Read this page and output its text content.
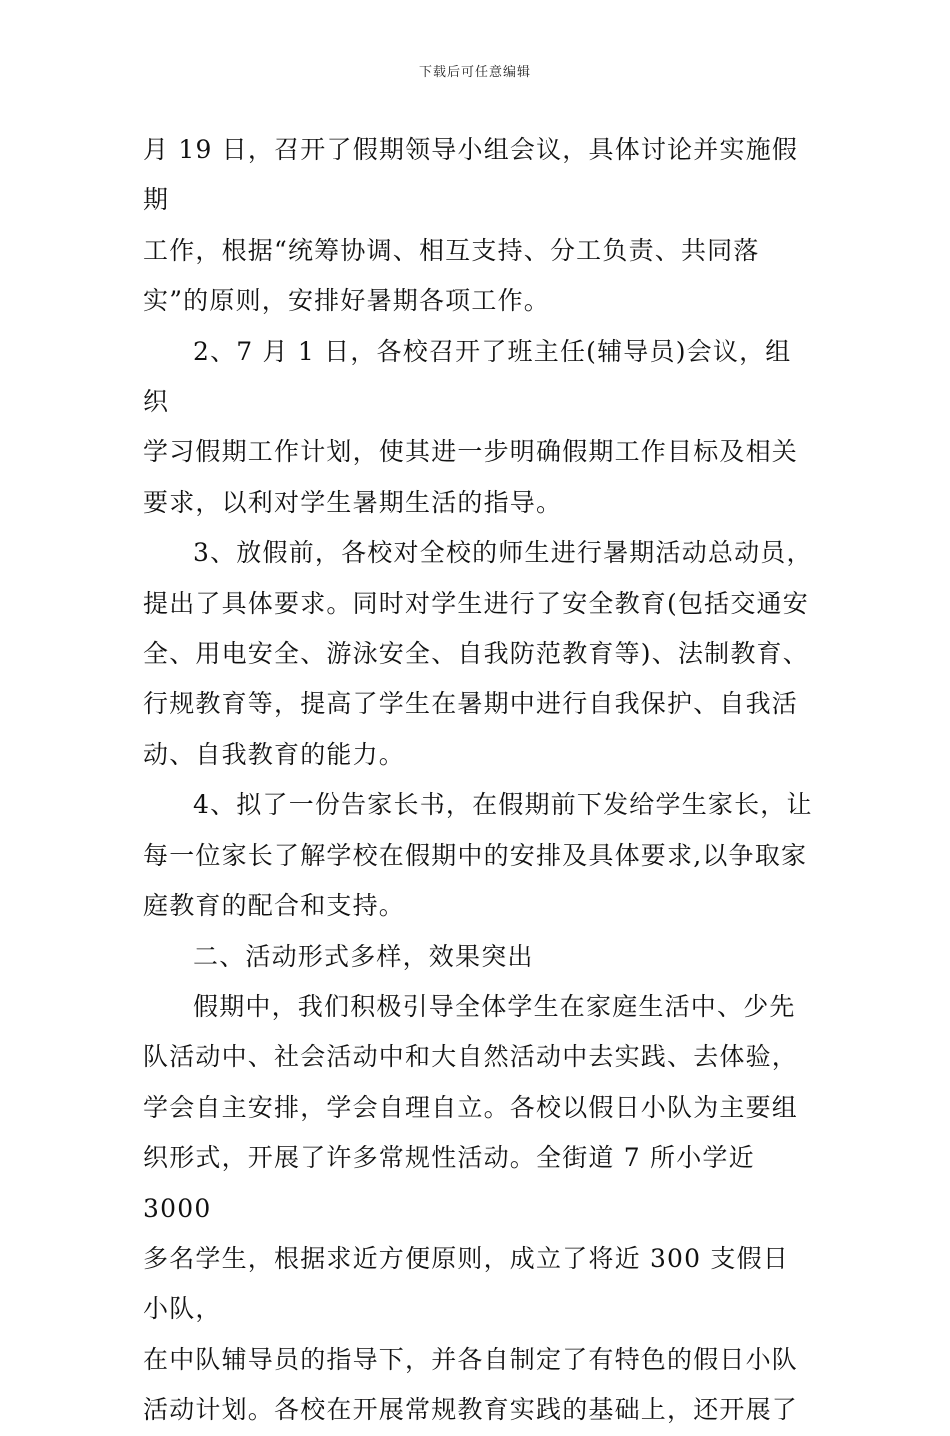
下载后可任意编辑

月 19 日，召开了假期领导小组会议，具体讨论并实施假期
工作，根据“统筹协调、相互支持、分工负责、共同落
实”的原则，安排好暑期各项工作。

2、7 月 1 日，各校召开了班主任(辅导员)会议，组织
学习假期工作计划，使其进一步明确假期工作目标及相关
要求，以利对学生暑期生活的指导。

3、放假前，各校对全校的师生进行暑期活动总动员，
提出了具体要求。同时对学生进行了安全教育(包括交通安
全、用电安全、游泳安全、自我防范教育等)、法制教育、
行规教育等，提高了学生在暑期中进行自我保护、自我活
动、自我教育的能力。

4、拟了一份告家长书，在假期前下发给学生家长，让
每一位家长了解学校在假期中的安排及具体要求,以争取家
庭教育的配合和支持。

二、活动形式多样，效果突出

假期中，我们积极引导全体学生在家庭生活中、少先
队活动中、社会活动中和大自然活动中去实践、去体验，
学会自主安排，学会自理自立。各校以假日小队为主要组
织形式，开展了许多常规性活动。全街道 7 所小学近 3000
多名学生，根据求近方便原则，成立了将近 300 支假日小队，
在中队辅导员的指导下，并各自制定了有特色的假日小队
活动计划。各校在开展常规教育实践的基础上，还开展了
